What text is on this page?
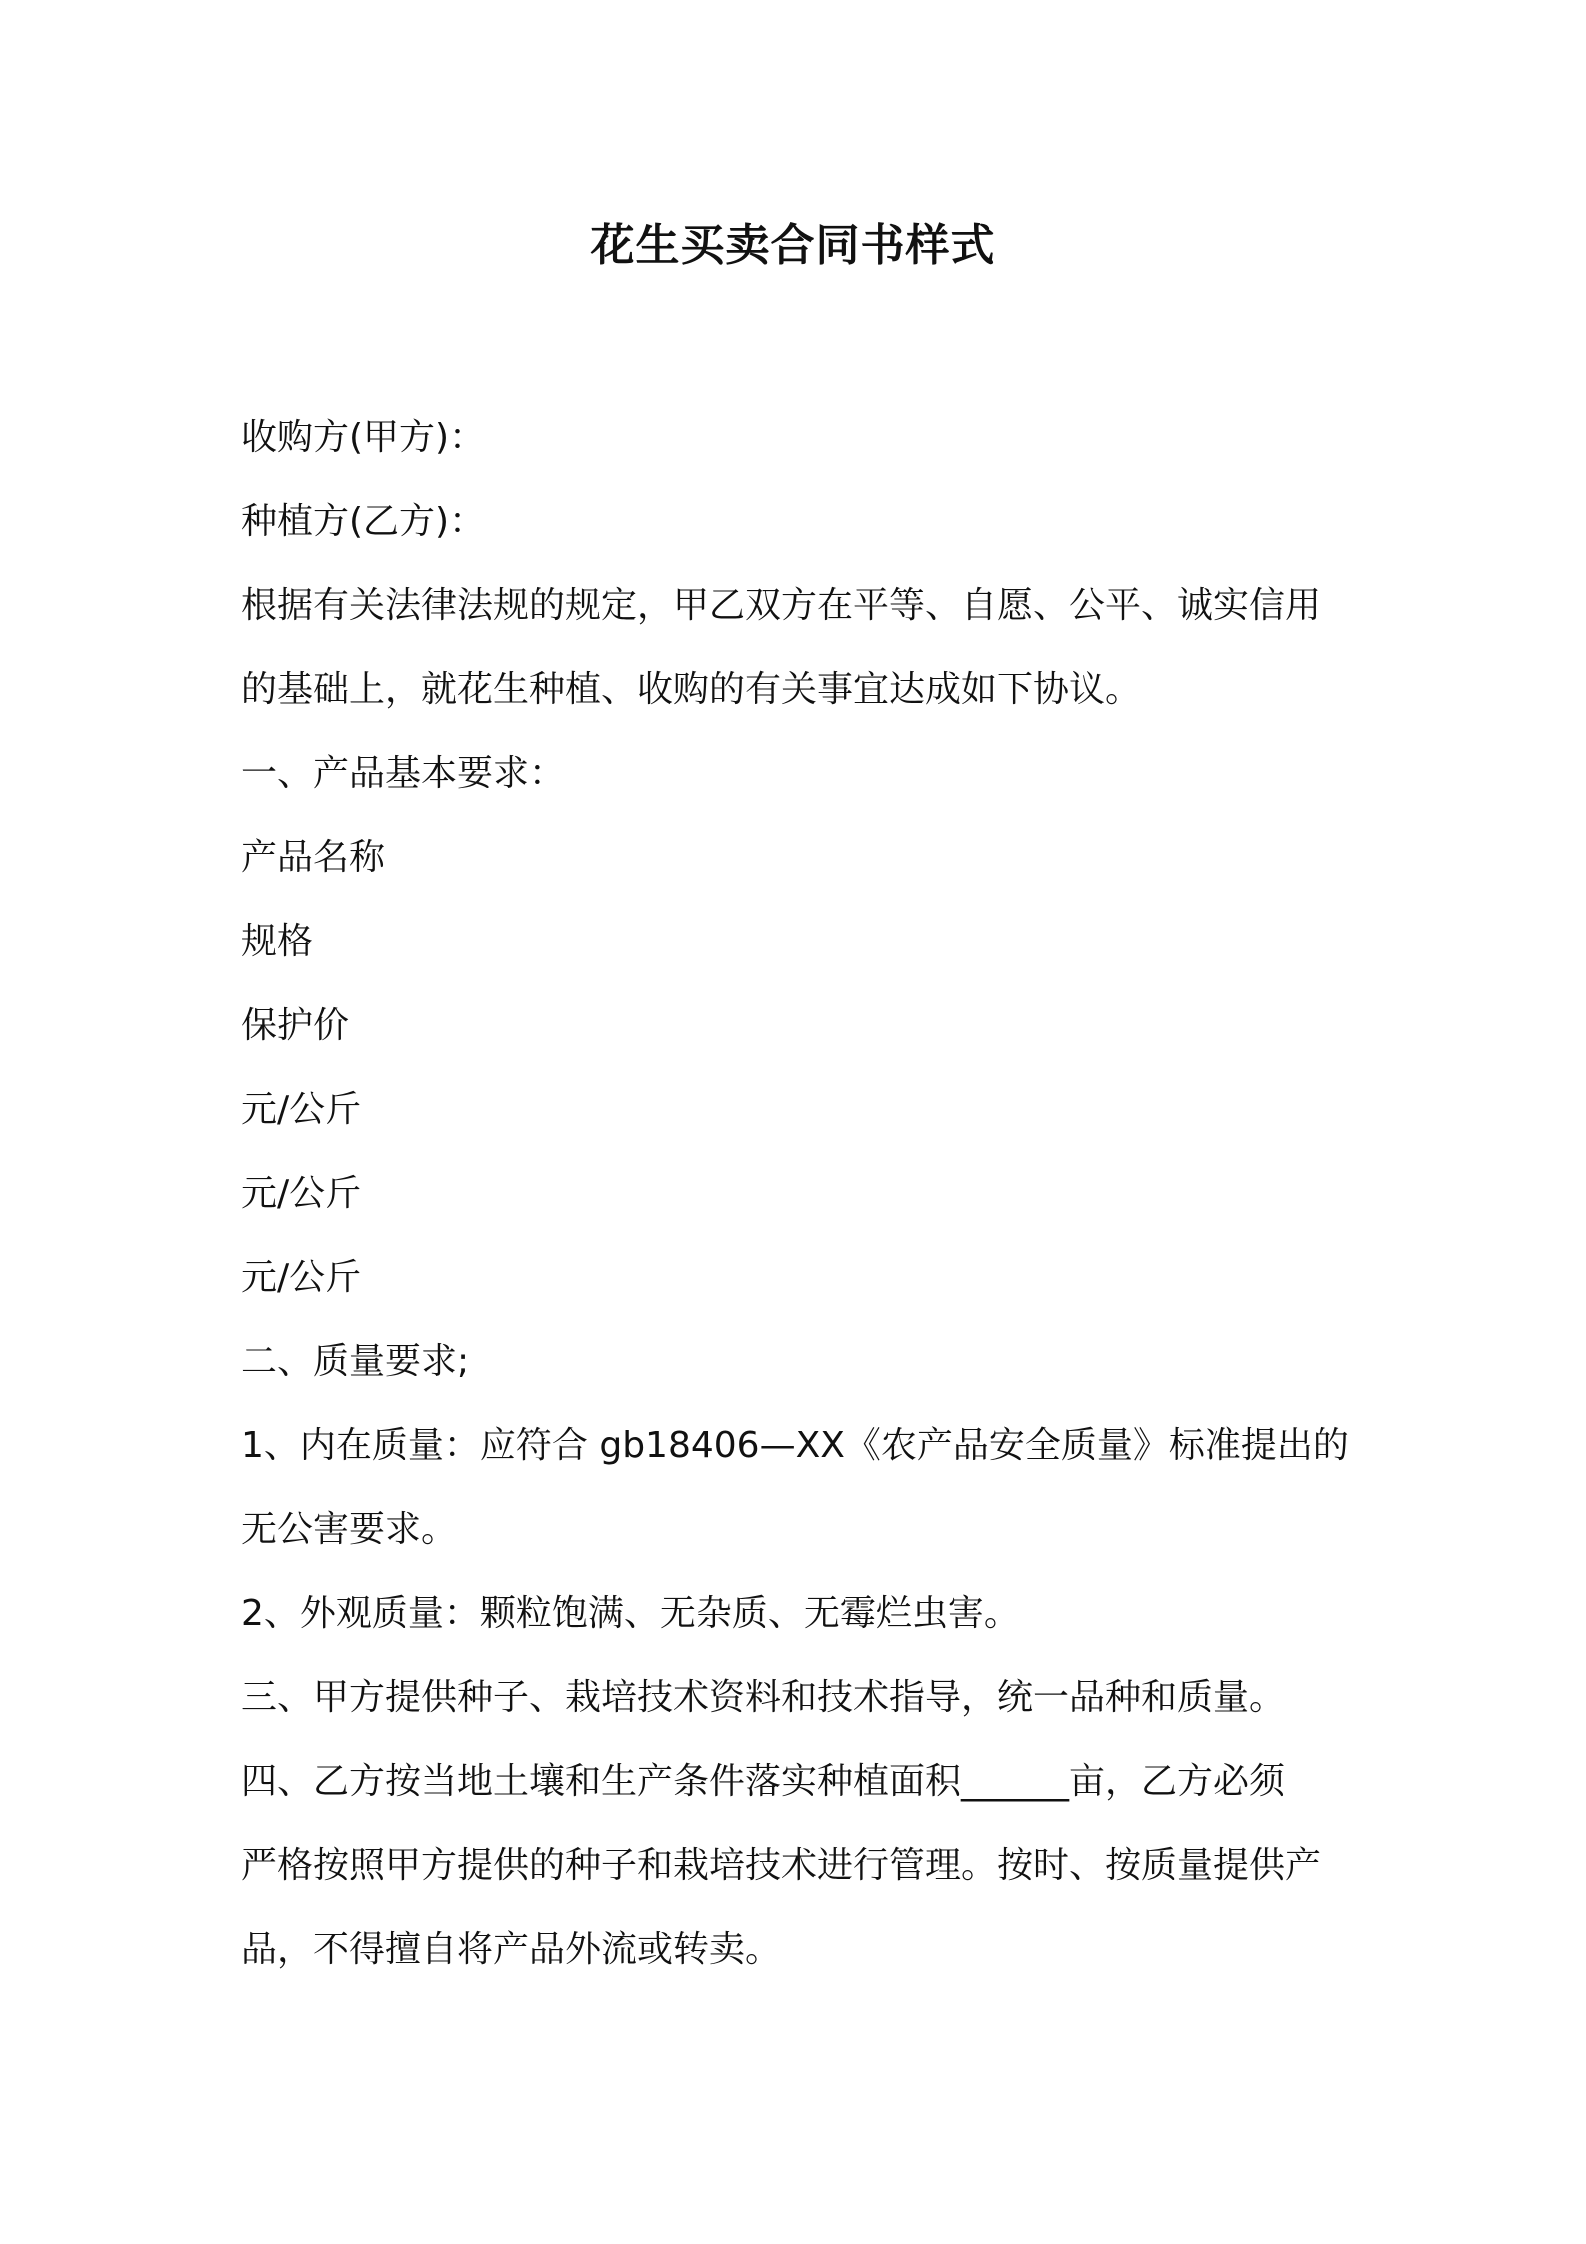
花生买卖合同书样式
收购方(甲方)：
种植方(乙方)：
根据有关法律法规的规定，甲乙双方在平等、自愿、公平、诚实信用
的基础上，就花生种植、收购的有关事宜达成如下协议。
一、产品基本要求：
产品名称
规格
保护价
元/公斤
元/公斤
元/公斤
二、质量要求;
1、内在质量：应符合 gb18406—XX《农产品安全质量》标准提出的
无公害要求。
2、外观质量：颗粒饱满、无杂质、无霉烂虫害。
三、甲方提供种子、栽培技术资料和技术指导，统一品种和质量。
四、乙方按当地土壤和生产条件落实种植面积______亩，乙方必须
严格按照甲方提供的种子和栽培技术进行管理。按时、按质量提供产
品，不得擅自将产品外流或转卖。
